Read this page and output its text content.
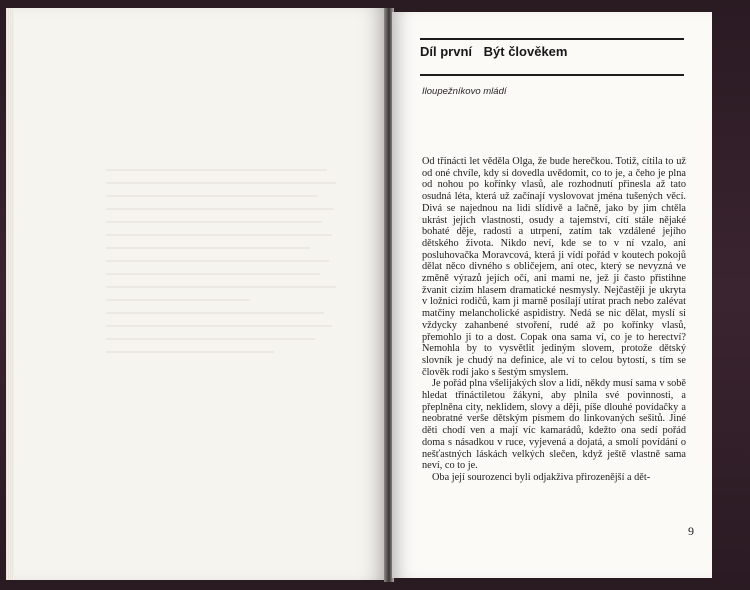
Díl první Být člověkem
Iloupežníkovo mládí

Od třinácti let věděla Olga, že bude herečkou. Totiž, cítila to už od oné chvíle, kdy si dovedla uvědomit, co to je, a čeho je plna od nohou po kořínky vlasů, ale rozhodnutí přinesla až tato osudná léta, která už začínají vyslovovat jména tušených věcí. Divá se najednou na lidi slídivě a lačně, jako by jim chtěla ukrást jejich vlastnosti, osudy a tajemství, cítí stále nějaké bohaté děje, radosti a utrpení, zatím tak vzdálené jejího dětského života. Nikdo neví, kde se to v ní vzalo, ani posluhovačka Moravcová, která ji vídí pořád v koutech pokojů dělat něco divného s obličejem, ani otec, který se nevyzná ve změně výrazů jejích očí, ani mami ne, jež ji často přistihne žvanit cizím hlasem dramatické nesmysly. Nejčastěji je ukryta v ložnici rodičů, kam ji marně posílají utírat prach nebo zalévat matčiny melancholické aspidistry. Nedá se nic dělat, myslí si vždycky zahanbené stvoření, rudé až po kořínky vlasů, přemohlo ji to a dost. Copak ona sama ví, co je to herectví? Nemohla by to vysvětlit jediným slovem, protože dětský slovník je chudý na definice, ale ví to celou bytostí, s tím se člověk rodí jako s šestým smyslem.

Je pořád plna všelijakých slov a lidí, někdy musí sama v sobě hledat třináctiletou žákyni, aby plnila své povinnosti, a přeplněna city, neklidem, slovy a ději, píše dlouhé povídačky a neobratné verše dětským písmem do linkovaných sešitů. Jiné děti chodí ven a mají víc kamarádů, kdežto ona sedí pořád doma s násadkou v ruce, vyjevená a dojatá, a smolí povídání o nešťastných láskách velkých slečen, když ještě vlastně sama neví, co to je.

Oba její sourozenci byli odjakživa přirozenější a dět-

9
